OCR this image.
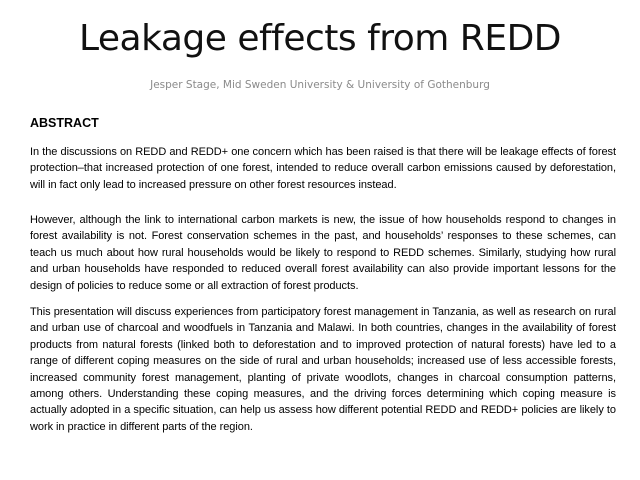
Leakage effects from REDD

Jesper Stage, Mid Sweden University & University of Gothenburg

ABSTRACT

In the discussions on REDD and REDD+ one concern which has been raised is that there will be leakage effects of forest protection–that increased protection of one forest, intended to reduce overall carbon emissions caused by deforestation, will in fact only lead to increased pressure on other forest resources instead.

However, although the link to international carbon markets is new, the issue of how households respond to changes in forest availability is not. Forest conservation schemes in the past, and households’ responses to these schemes, can teach us much about how rural households would be likely to respond to REDD schemes. Similarly, studying how rural and urban households have responded to reduced overall forest availability can also provide important lessons for the design of policies to reduce some or all extraction of forest products.

This presentation will discuss experiences from participatory forest management in Tanzania, as well as research on rural and urban use of charcoal and woodfuels in Tanzania and Malawi. In both countries, changes in the availability of forest products from natural forests (linked both to deforestation and to improved protection of natural forests) have led to a range of different coping measures on the side of rural and urban households; increased use of less accessible forests, increased community forest management, planting of private woodlots, changes in charcoal consumption patterns, among others. Understanding these coping measures, and the driving forces determining which coping measure is actually adopted in a specific situation, can help us assess how different potential REDD and REDD+ policies are likely to work in practice in different parts of the region.
